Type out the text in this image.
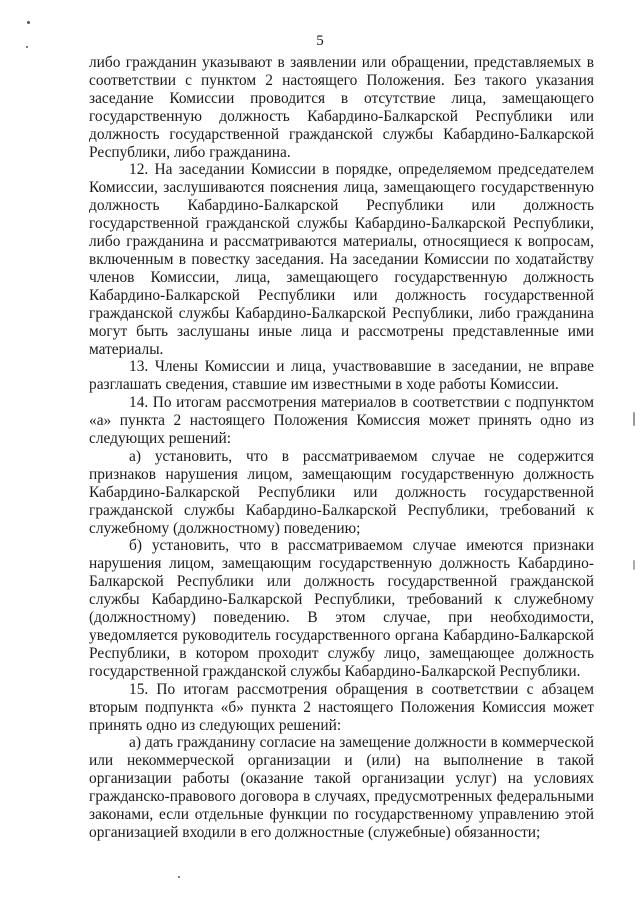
5

либо гражданин указывают в заявлении или обращении, представляемых в соответствии с пунктом 2 настоящего Положения. Без такого указания заседание Комиссии проводится в отсутствие лица, замещающего государственную должность Кабардино-Балкарской Республики или должность государственной гражданской службы Кабардино-Балкарской Республики, либо гражданина.

12. На заседании Комиссии в порядке, определяемом председателем Комиссии, заслушиваются пояснения лица, замещающего государственную должность Кабардино-Балкарской Республики или должность государственной гражданской службы Кабардино-Балкарской Республики, либо гражданина и рассматриваются материалы, относящиеся к вопросам, включенным в повестку заседания. На заседании Комиссии по ходатайству членов Комиссии, лица, замещающего государственную должность Кабардино-Балкарской Республики или должность государственной гражданской службы Кабардино-Балкарской Республики, либо гражданина могут быть заслушаны иные лица и рассмотрены представленные ими материалы.

13. Члены Комиссии и лица, участвовавшие в заседании, не вправе разглашать сведения, ставшие им известными в ходе работы Комиссии.

14. По итогам рассмотрения материалов в соответствии с подпунктом «а» пункта 2 настоящего Положения Комиссия может принять одно из следующих решений:

а) установить, что в рассматриваемом случае не содержится признаков нарушения лицом, замещающим государственную должность Кабардино-Балкарской Республики или должность государственной гражданской службы Кабардино-Балкарской Республики, требований к служебному (должностному) поведению;

б) установить, что в рассматриваемом случае имеются признаки нарушения лицом, замещающим государственную должность Кабардино-Балкарской Республики или должность государственной гражданской службы Кабардино-Балкарской Республики, требований к служебному (должностному) поведению. В этом случае, при необходимости, уведомляется руководитель государственного органа Кабардино-Балкарской Республики, в котором проходит службу лицо, замещающее должность государственной гражданской службы Кабардино-Балкарской Республики.

15. По итогам рассмотрения обращения в соответствии с абзацем вторым подпункта «б» пункта 2 настоящего Положения Комиссия может принять одно из следующих решений:

а) дать гражданину согласие на замещение должности в коммерческой или некоммерческой организации и (или) на выполнение в такой организации работы (оказание такой организации услуг) на условиях гражданско-правового договора в случаях, предусмотренных федеральными законами, если отдельные функции по государственному управлению этой организацией входили в его должностные (служебные) обязанности;
